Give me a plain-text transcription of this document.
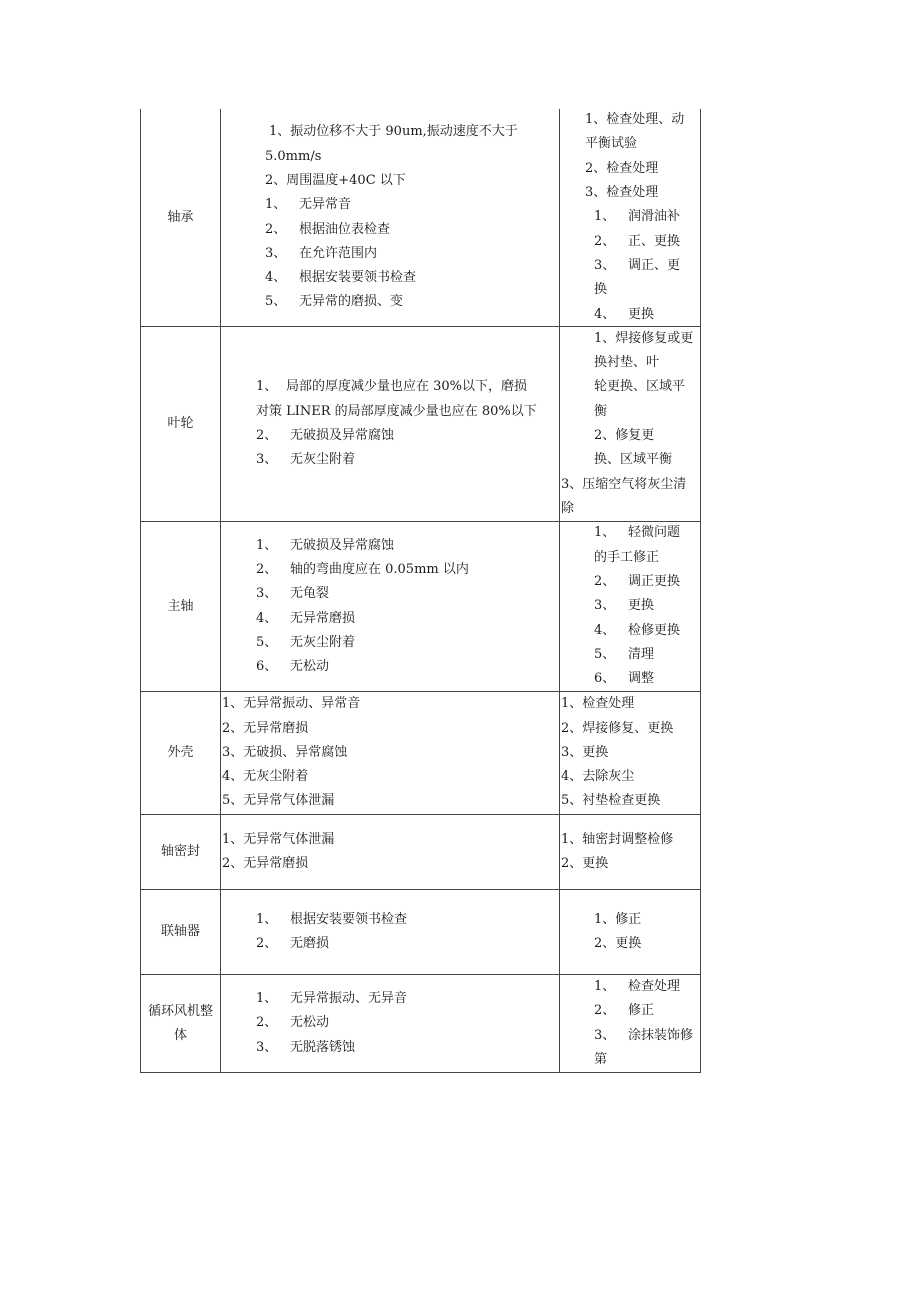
轴承
1、振动位移不大于 90um,振动速度不大于
5.0mm/s
2、周围温度+40C 以下
1、 无异常音
2、 根据油位表检查
3、 在允许范围内
4、 根据安装要领书检查
5、 无异常的磨损、变
1、检查处理、动
平衡试验
2、检查处理
3、检查处理
1、 润滑油补
2、 正、更换
3、 调正、更
换
4、 更换
叶轮
1、 局部的厚度减少量也应在 30%以下，磨损
对策 LINER 的局部厚度减少量也应在 80%以下
2、 无破损及异常腐蚀
3、 无灰尘附着
1、焊接修复或更
换衬垫、叶
轮更换、区域平
衡
2、修复更
换、区域平衡
3、压缩空气将灰尘清
除
主轴
1、 无破损及异常腐蚀
2、 轴的弯曲度应在 0.05mm 以内
3、 无龟裂
4、 无异常磨损
5、 无灰尘附着
6、 无松动
1、 轻微问题
的手工修正
2、 调正更换
3、 更换
4、 检修更换
5、 清理
6、 调整
外壳
1、无异常振动、异常音
2、无异常磨损
3、无破损、异常腐蚀
4、无灰尘附着
5、无异常气体泄漏
1、检查处理
2、焊接修复、更换
3、更换
4、去除灰尘
5、衬垫检查更换
轴密封
1、无异常气体泄漏
2、无异常磨损
1、轴密封调整检修
2、更换
联轴器
1、 根据安装要领书检查
2、 无磨损
1、修正
2、更换
循环风机整体
1、 无异常振动、无异音
2、 无松动
3、 无脱落锈蚀
1、 检查处理
2、 修正
3、 涂抹装饰修
第
